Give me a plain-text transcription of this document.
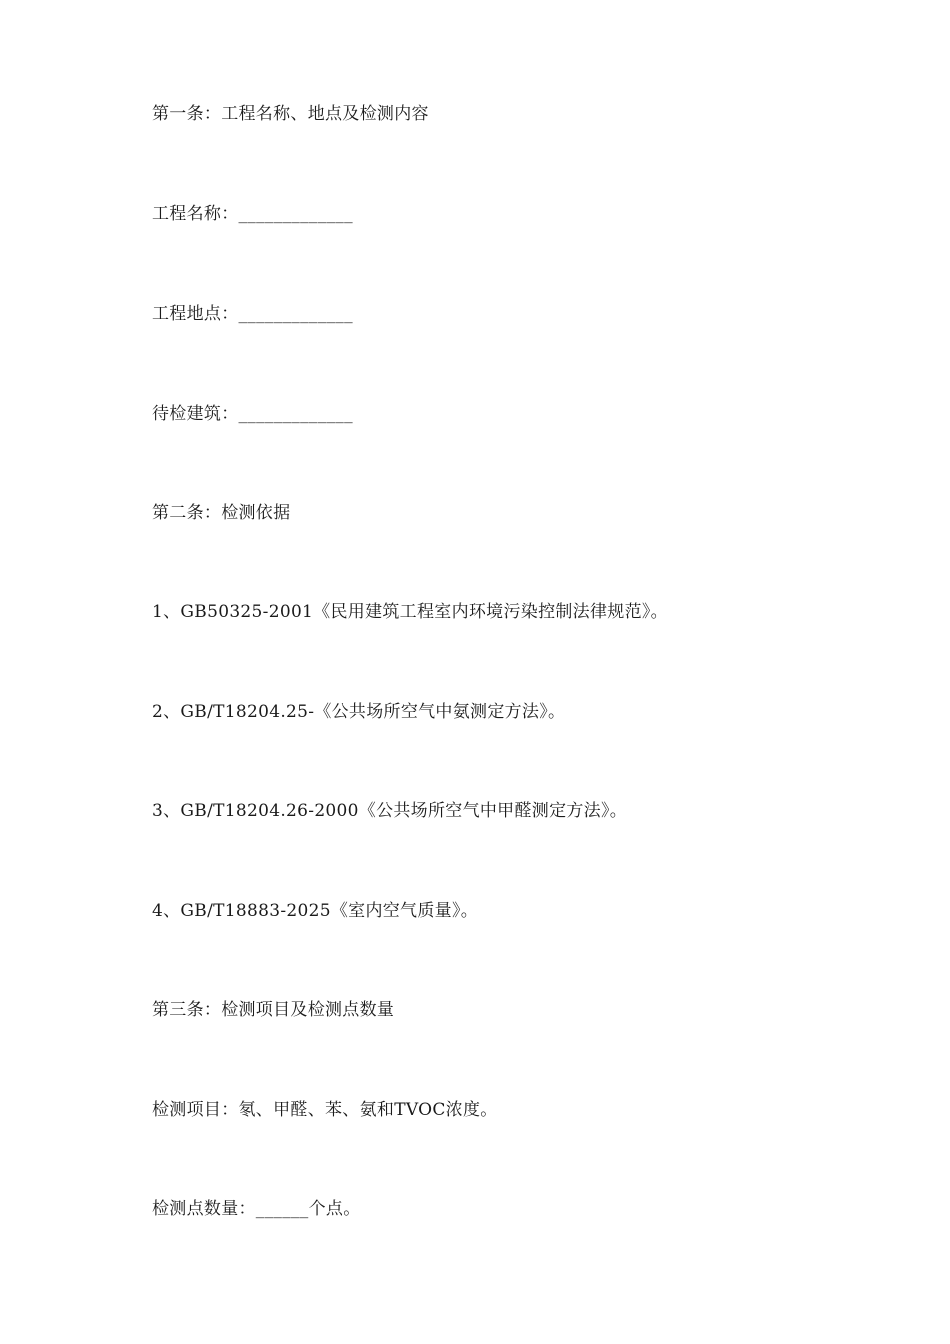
第一条：工程名称、地点及检测内容
工程名称：_____________
工程地点：_____________
待检建筑：_____________
第二条：检测依据
1、GB50325-2001《民用建筑工程室内环境污染控制法律规范》。
2、GB/T18204.25-《公共场所空气中氨测定方法》。
3、GB/T18204.26-2000《公共场所空气中甲醛测定方法》。
4、GB/T18883-2025《室内空气质量》。
第三条：检测项目及检测点数量
检测项目：氡、甲醛、苯、氨和TVOC浓度。
检测点数量：______个点。
